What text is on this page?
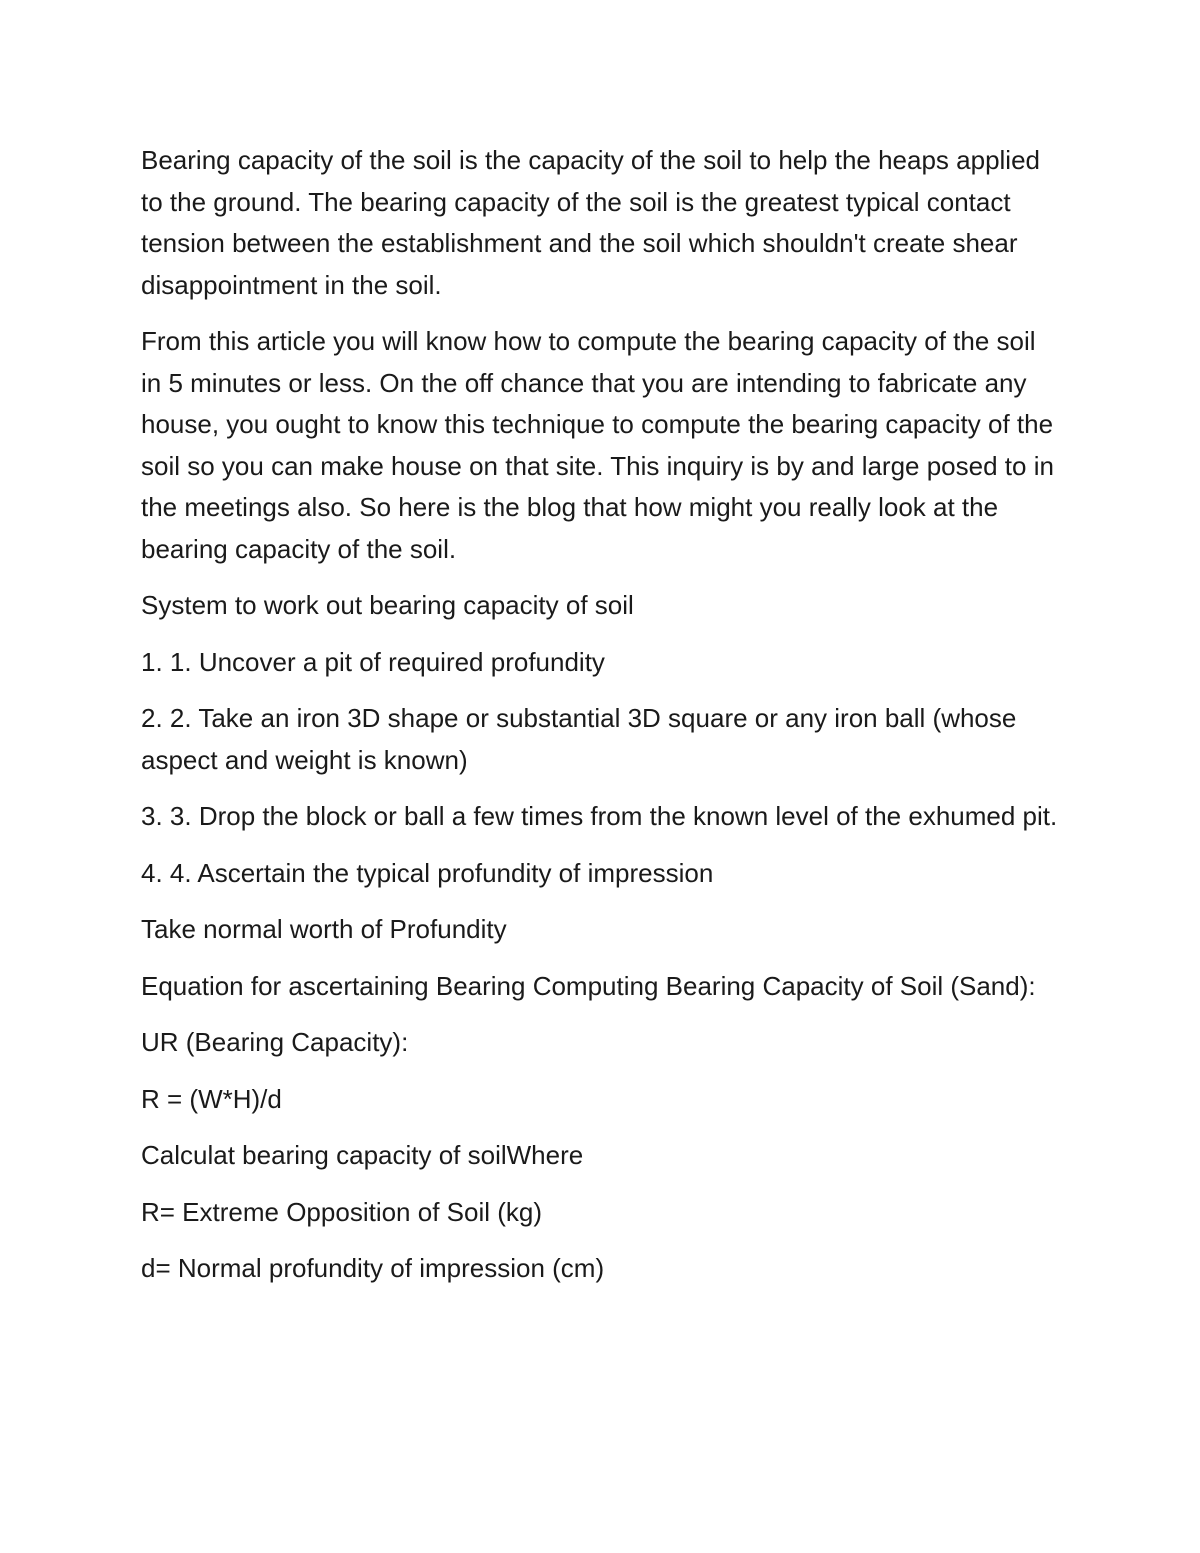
Bearing capacity of the soil is the capacity of the soil to help the heaps applied to the ground. The bearing capacity of the soil is the greatest typical contact tension between the establishment and the soil which shouldn't create shear disappointment in the soil.

From this article you will know how to compute the bearing capacity of the soil in 5 minutes or less. On the off chance that you are intending to fabricate any house, you ought to know this technique to compute the bearing capacity of the soil so you can make house on that site. This inquiry is by and large posed to in the meetings also. So here is the blog that how might you really look at the bearing capacity of the soil.

System to work out bearing capacity of soil

1. 1. Uncover a pit of required profundity

2. 2. Take an iron 3D shape or substantial 3D square or any iron ball (whose aspect and weight is known)

3. 3. Drop the block or ball a few times from the known level of the exhumed pit.

4. 4. Ascertain the typical profundity of impression

Take normal worth of Profundity

Equation for ascertaining Bearing Computing Bearing Capacity of Soil (Sand):

UR (Bearing Capacity):

R = (W*H)/d

Calculat bearing capacity of soilWhere

R= Extreme Opposition of Soil (kg)

d= Normal profundity of impression (cm)
